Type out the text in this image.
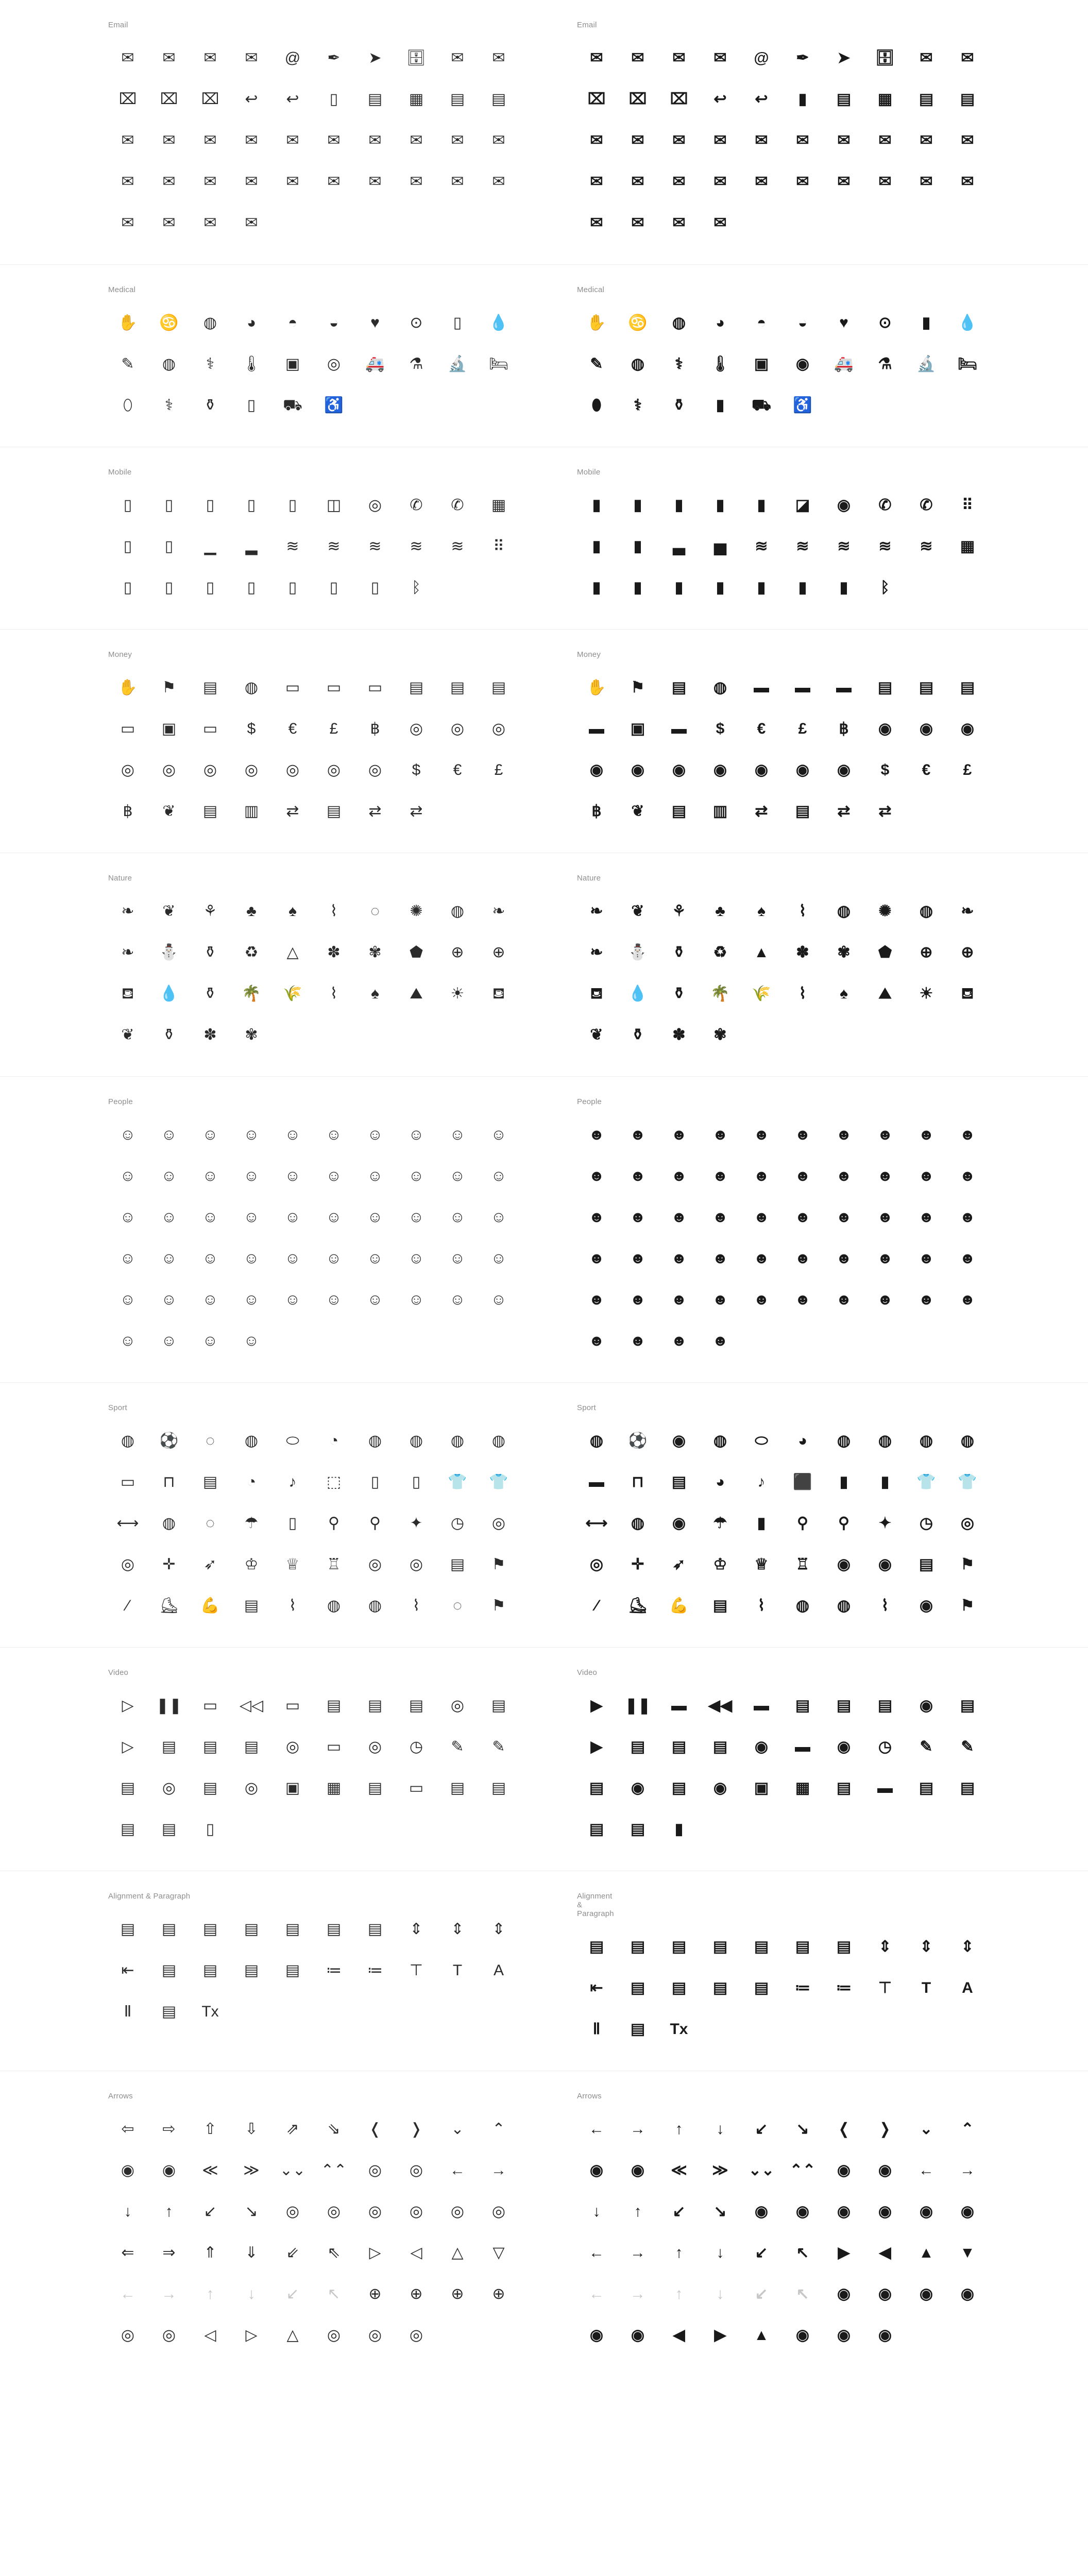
Email
✉ ✉ ✉ ✉ @ ✒ ➤ 🗄 ✉ ✉
⌧ ⌧ ⌧ ↩ ↩ ▯ ▤ ▦ ▤ ▤
✉ ✉ ✉ ✉ ✉ ✉ ✉ ✉ ✉ ✉
✉ ✉ ✉ ✉ ✉ ✉ ✉ ✉ ✉ ✉
✉ ✉ ✉ ✉
Email
✉ ✉ ✉ ✉ @ ✒ ➤ 🗄 ✉ ✉
⌧ ⌧ ⌧ ↩ ↩ ▮ ▤ ▦ ▤ ▤
✉ ✉ ✉ ✉ ✉ ✉ ✉ ✉ ✉ ✉
✉ ✉ ✉ ✉ ✉ ✉ ✉ ✉ ✉ ✉
✉ ✉ ✉ ✉
Medical
✋ ♋ ◍ ◕ ◓ ◒ ♥ ⊙ ▯ 💧
✎ ◍ ⚕ 🌡 ▣ ◎ 🚑 ⚗ 🔬 🛏
⬯ ⚕ ⚱ ▯ ⛟ ♿
Medical
✋ ♋ ◍ ◕ ◓ ◒ ♥ ⊙ ▮ 💧
✎ ◍ ⚕ 🌡 ▣ ◉ 🚑 ⚗ 🔬 🛏
⬮ ⚕ ⚱ ▮ ⛟ ♿
Mobile
▯ ▯ ▯ ▯ ▯ ◫ ◎ ✆ ✆ ▦
▯ ▯ ▁ ▂ ≋ ≋ ≋ ≋ ≋ ⠿
▯ ▯ ▯ ▯ ▯ ▯ ▯ ᛒ
Mobile
▮ ▮ ▮ ▮ ▮ ◪ ◉ ✆ ✆ ⠿
▮ ▮ ▃ ▅ ≋ ≋ ≋ ≋ ≋ ▦
▮ ▮ ▮ ▮ ▮ ▮ ▮ ᛒ
Money
✋ ⚑ ▤ ◍ ▭ ▭ ▭ ▤ ▤ ▤
▭ ▣ ▭ $ € £ ฿ ◎ ◎ ◎
◎ ◎ ◎ ◎ ◎ ◎ ◎ $ € £
฿ ❦ ▤ ▥ ⇄ ▤ ⇄ ⇄
Money
✋ ⚑ ▤ ◍ ▬ ▬ ▬ ▤ ▤ ▤
▬ ▣ ▬ $ € £ ฿ ◉ ◉ ◉
◉ ◉ ◉ ◉ ◉ ◉ ◉ $ € £
฿ ❦ ▤ ▥ ⇄ ▤ ⇄ ⇄
Nature
❧ ❦ ⚘ ♣ ♠ ⌇ ◌ ✺ ◍ ❧
❧ ⛄ ⚱ ♻ △ ✽ ✾ ⬟ ⊕ ⊕
⛾ 💧 ⚱ 🌴 🌾 ⌇ ♠ ⛰ ☀ ⛾
❦ ⚱ ✽ ✾
Nature
❧ ❦ ⚘ ♣ ♠ ⌇ ◍ ✺ ◍ ❧
❧ ⛄ ⚱ ♻ ▲ ✽ ✾ ⬟ ⊕ ⊕
⛾ 💧 ⚱ 🌴 🌾 ⌇ ♠ ⛰ ☀ ⛾
❦ ⚱ ✽ ✾
People
☺ ☺ ☺ ☺ ☺ ☺ ☺ ☺ ☺ ☺
☺ ☺ ☺ ☺ ☺ ☺ ☺ ☺ ☺ ☺
☺ ☺ ☺ ☺ ☺ ☺ ☺ ☺ ☺ ☺
☺ ☺ ☺ ☺ ☺ ☺ ☺ ☺ ☺ ☺
☺ ☺ ☺ ☺ ☺ ☺ ☺ ☺ ☺ ☺
☺ ☺ ☺ ☺
People
☻ ☻ ☻ ☻ ☻ ☻ ☻ ☻ ☻ ☻
☻ ☻ ☻ ☻ ☻ ☻ ☻ ☻ ☻ ☻
☻ ☻ ☻ ☻ ☻ ☻ ☻ ☻ ☻ ☻
☻ ☻ ☻ ☻ ☻ ☻ ☻ ☻ ☻ ☻
☻ ☻ ☻ ☻ ☻ ☻ ☻ ☻ ☻ ☻
☻ ☻ ☻ ☻
Sport
◍ ⚽ ◌ ◍ ⬭ ◔ ◍ ◍ ◍ ◍
▭ ⊓ ▤ ◔ ♪ ⬚ ▯ ▯ 👕 👕
⟷ ◍ ◌ ☂ ▯ ⚲ ⚲ ✦ ◷ ◎
◎ ✛ ➶ ♔ ♕ ♖ ◎ ◎ ▤ ⚑
⁄ ⛸ 💪 ▤ ⌇ ◍ ◍ ⌇ ◌ ⚑
Sport
◍ ⚽ ◉ ◍ ⬭ ◕ ◍ ◍ ◍ ◍
▬ ⊓ ▤ ◕ ♪ ⬛ ▮ ▮ 👕 👕
⟷ ◍ ◉ ☂ ▮ ⚲ ⚲ ✦ ◷ ◎
◎ ✛ ➶ ♔ ♕ ♖ ◉ ◉ ▤ ⚑
⁄ ⛸ 💪 ▤ ⌇ ◍ ◍ ⌇ ◉ ⚑
Video
▷ ❚❚ ▭ ◁◁ ▭ ▤ ▤ ▤ ◎ ▤
▷ ▤ ▤ ▤ ◎ ▭ ◎ ◷ ✎ ✎
▤ ◎ ▤ ◎ ▣ ▦ ▤ ▭ ▤ ▤
▤ ▤ ▯
Video
▶ ❚❚ ▬ ◀◀ ▬ ▤ ▤ ▤ ◉ ▤
▶ ▤ ▤ ▤ ◉ ▬ ◉ ◷ ✎ ✎
▤ ◉ ▤ ◉ ▣ ▦ ▤ ▬ ▤ ▤
▤ ▤ ▮
Alignment & Paragraph
▤ ▤ ▤ ▤ ▤ ▤ ▤ ⇕ ⇕ ⇕
⇤ ▤ ▤ ▤ ▤ ≔ ≔ ⊤ T A
Ⅱ ▤ Tx
Alignment & Paragraph
▤ ▤ ▤ ▤ ▤ ▤ ▤ ⇕ ⇕ ⇕
⇤ ▤ ▤ ▤ ▤ ≔ ≔ ⊤ T A
Ⅱ ▤ Tx
Arrows
⇦ ⇨ ⇧ ⇩ ⇗ ⇘ ❬ ❭ ⌄ ⌃
◉ ◉ ≪ ≫ ⌄⌄ ⌃⌃ ◎ ◎ ← →
↓ ↑ ↙ ↘ ◎ ◎ ◎ ◎ ◎ ◎
⇐ ⇒ ⇑ ⇓ ⇙ ⇖ ▷ ◁ △ ▽
← → ↑ ↓ ↙ ↖ ⊕ ⊕ ⊕ ⊕
◎ ◎ ◁ ▷ △ ◎ ◎ ◎
Arrows
← → ↑ ↓ ↙ ↘ ❬ ❭ ⌄ ⌃
◉ ◉ ≪ ≫ ⌄⌄ ⌃⌃ ◉ ◉ ← →
↓ ↑ ↙ ↘ ◉ ◉ ◉ ◉ ◉ ◉
← → ↑ ↓ ↙ ↖ ▶ ◀ ▲ ▼
← → ↑ ↓ ↙ ↖ ◉ ◉ ◉ ◉
◉ ◉ ◀ ▶ ▲ ◉ ◉ ◉
